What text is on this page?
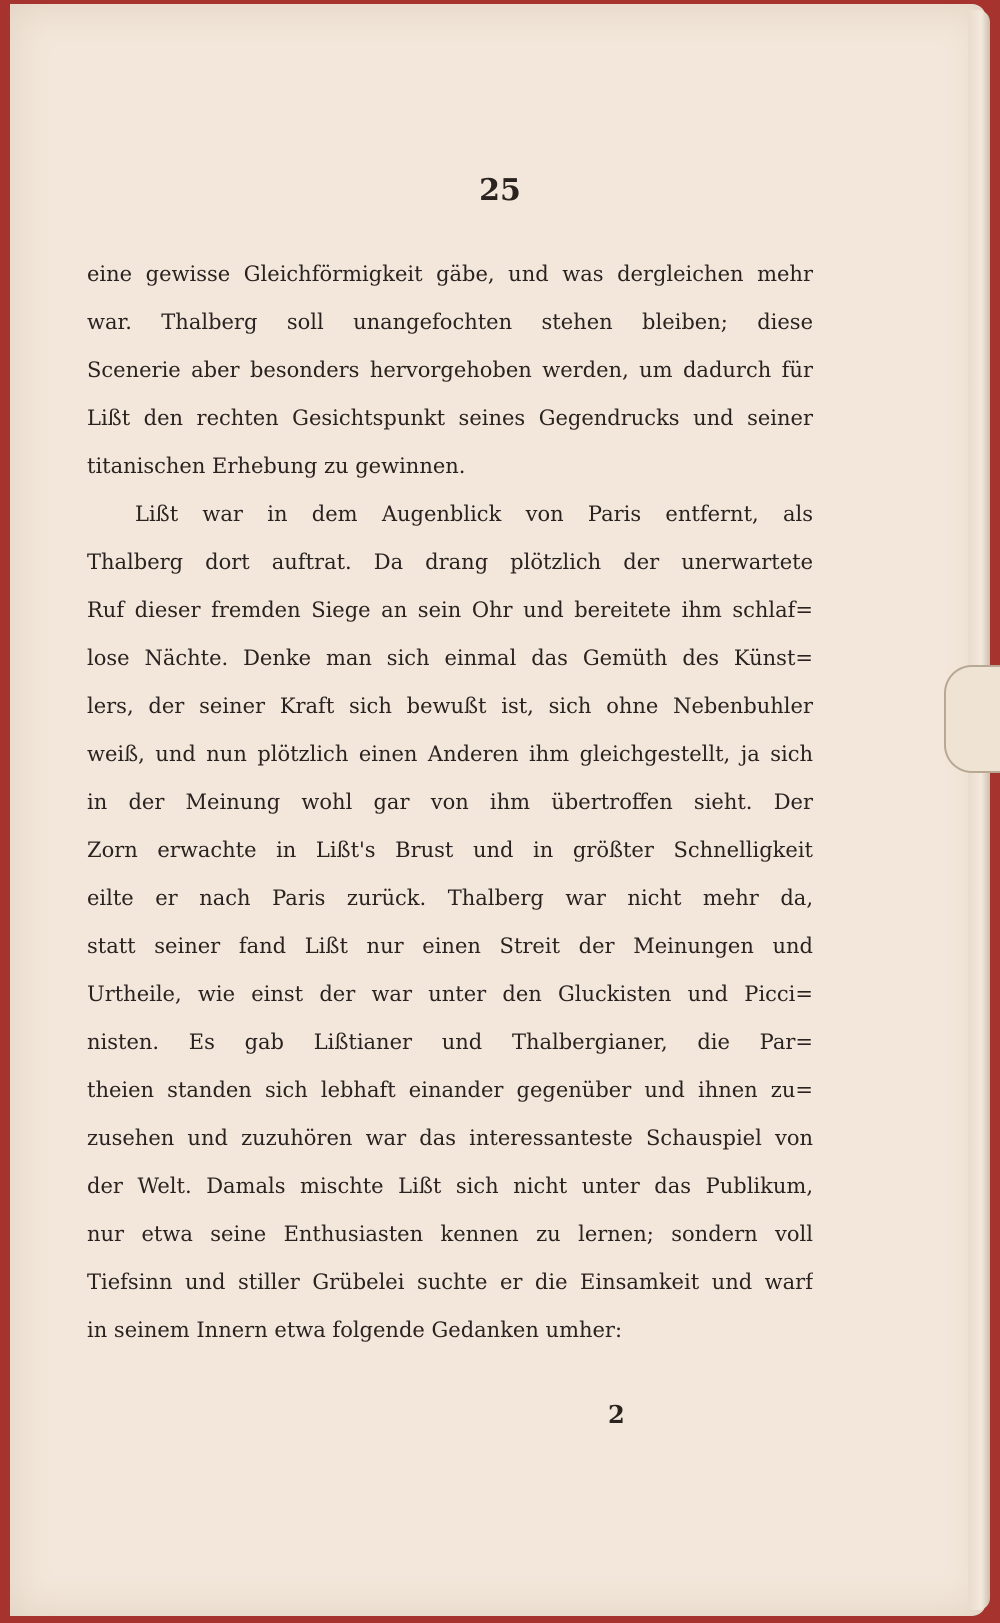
25
eine gewisse Gleichförmigkeit gäbe, und was dergleichen mehr
war. Thalberg soll unangefochten stehen bleiben; diese
Scenerie aber besonders hervorgehoben werden, um dadurch für
Lißt den rechten Gesichtspunkt seines Gegendrucks und seiner
titanischen Erhebung zu gewinnen.
Lißt war in dem Augenblick von Paris entfernt, als
Thalberg dort auftrat. Da drang plötzlich der unerwartete
Ruf dieser fremden Siege an sein Ohr und bereitete ihm schlaf=
lose Nächte. Denke man sich einmal das Gemüth des Künst=
lers, der seiner Kraft sich bewußt ist, sich ohne Nebenbuhler
weiß, und nun plötzlich einen Anderen ihm gleichgestellt, ja sich
in der Meinung wohl gar von ihm übertroffen sieht. Der
Zorn erwachte in Lißt's Brust und in größter Schnelligkeit
eilte er nach Paris zurück. Thalberg war nicht mehr da,
statt seiner fand Lißt nur einen Streit der Meinungen und
Urtheile, wie einst der war unter den Gluckisten und Picci=
nisten. Es gab Lißtianer und Thalbergianer, die Par=
theien standen sich lebhaft einander gegenüber und ihnen zu=
zusehen und zuzuhören war das interessanteste Schauspiel von
der Welt. Damals mischte Lißt sich nicht unter das Publikum,
nur etwa seine Enthusiasten kennen zu lernen; sondern voll
Tiefsinn und stiller Grübelei suchte er die Einsamkeit und warf
in seinem Innern etwa folgende Gedanken umher:
2
